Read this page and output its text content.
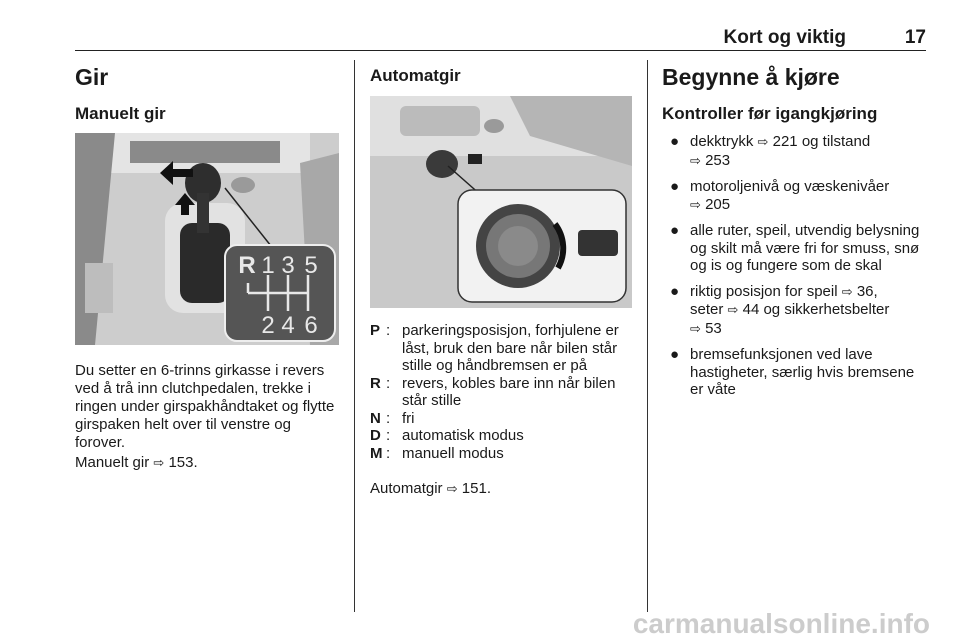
Kort og viktig	17
Gir
Manuelt gir
R 1 3 5
2 4 6

Du setter en 6-trinns girkasse i revers ved å trå inn clutchpedalen, trekke i ringen under girspakhåndtaket og flytte girspaken helt over til venstre og forover.

Manuelt gir ⇨ 153.

Automatgir
P : parkeringsposisjon, forhjulene er låst, bruk den bare når bilen står stille og håndbremsen er på
R : revers, kobles bare inn når bilen står stille
N : fri
D : automatisk modus
M : manuell modus

Automatgir ⇨ 151.

Begynne å kjøre
Kontroller før igangkjøring
● dekktrykk ⇨ 221 og tilstand
⇨ 253
● motoroljenivå og væskenivåer
⇨ 205
● alle ruter, speil, utvendig belysning og skilt må være fri for smuss, snø og is og fungere som de skal
● riktig posisjon for speil ⇨ 36,
seter ⇨ 44 og sikkerhetsbelter
⇨ 53
● bremsefunksjonen ved lave hastigheter, særlig hvis bremsene er våte
carmanualsonline.info
